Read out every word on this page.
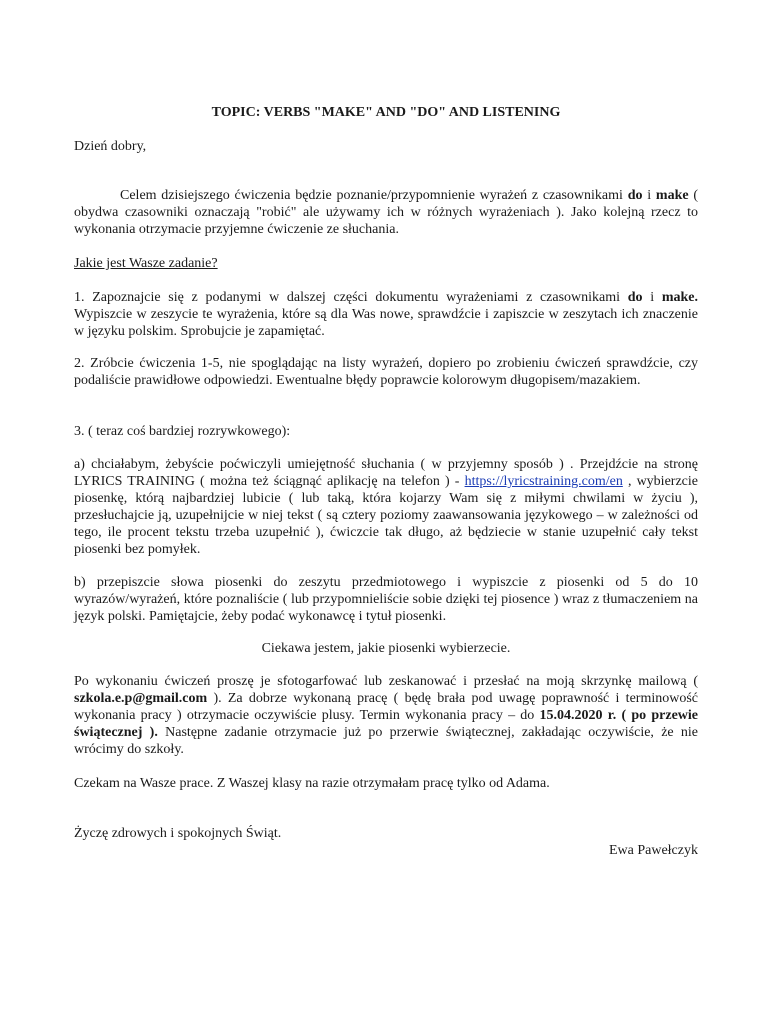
TOPIC: VERBS "MAKE" AND "DO" AND LISTENING

Dzień dobry,

Celem dzisiejszego ćwiczenia będzie poznanie/przypomnienie wyrażeń z czasownikami do i make ( obydwa czasowniki oznaczają "robić" ale używamy ich w różnych wyrażeniach ). Jako kolejną rzecz to wykonania otrzymacie przyjemne ćwiczenie ze słuchania.

Jakie jest Wasze zadanie?

1. Zapoznajcie się z podanymi w dalszej części dokumentu wyrażeniami z czasownikami do i make. Wypiszcie w zeszycie te wyrażenia, które są dla Was nowe, sprawdźcie i zapiszcie w zeszytach ich znaczenie w języku polskim. Sprobujcie je zapamiętać.

2. Zróbcie ćwiczenia 1-5, nie spoglądając na listy wyrażeń, dopiero po zrobieniu ćwiczeń sprawdźcie, czy podaliście prawidłowe odpowiedzi. Ewentualne błędy poprawcie kolorowym długopisem/mazakiem.

3. ( teraz coś bardziej rozrywkowego):

a) chciałabym, żebyście poćwiczyli umiejętność słuchania ( w przyjemny sposób ) . Przejdźcie na stronę LYRICS TRAINING ( można też ściągnąć aplikację na telefon ) - https://lyricstraining.com/en , wybierzcie piosenkę, którą najbardziej lubicie ( lub taką, która kojarzy Wam się z miłymi chwilami w życiu ), przesłuchajcie ją, uzupełnijcie w niej tekst ( są cztery poziomy zaawansowania językowego – w zależności od tego, ile procent tekstu trzeba uzupełnić ), ćwiczcie tak długo, aż będziecie w stanie uzupełnić cały tekst piosenki bez pomyłek.

b) przepiszcie słowa piosenki do zeszytu przedmiotowego i wypiszcie z piosenki od 5 do 10 wyrazów/wyrażeń, które poznaliście ( lub przypomnieliście sobie dzięki tej piosence ) wraz z tłumaczeniem na język polski. Pamiętajcie, żeby podać wykonawcę i tytuł piosenki.

Ciekawa jestem, jakie piosenki wybierzecie.

Po wykonaniu ćwiczeń proszę je sfotogarfować lub zeskanować i przesłać na moją skrzynkę mailową ( szkola.e.p@gmail.com ). Za dobrze wykonaną pracę ( będę brała pod uwagę poprawność i terminowość wykonania pracy ) otrzymacie oczywiście plusy. Termin wykonania pracy – do 15.04.2020 r. ( po przewie świątecznej ). Następne zadanie otrzymacie już po przerwie świątecznej, zakładając oczywiście, że nie wrócimy do szkoły.

Czekam na Wasze prace. Z Waszej klasy na razie otrzymałam pracę tylko od Adama.

Życzę zdrowych i spokojnych Świąt.

Ewa Pawełczyk
